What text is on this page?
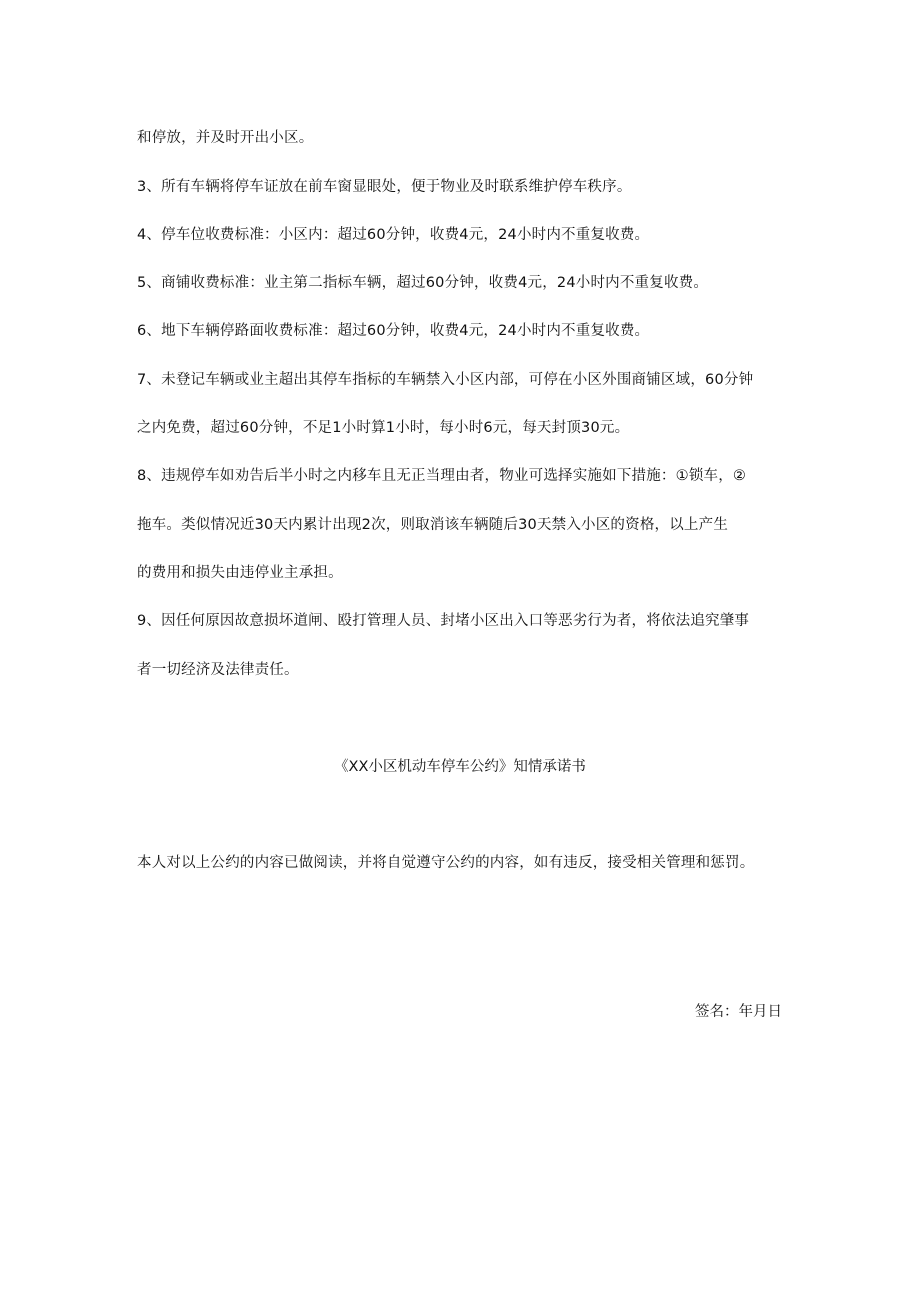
和停放，并及时开出小区。
3、所有车辆将停车证放在前车窗显眼处，便于物业及时联系维护停车秩序。
4、停车位收费标准：小区内：超过60分钟，收费4元，24小时内不重复收费。
5、商铺收费标准：业主第二指标车辆，超过60分钟，收费4元，24小时内不重复收费。
6、地下车辆停路面收费标准：超过60分钟，收费4元，24小时内不重复收费。
7、未登记车辆或业主超出其停车指标的车辆禁入小区内部，可停在小区外围商铺区域，60分钟
之内免费，超过60分钟，不足1小时算1小时，每小时6元，每天封顶30元。
8、违规停车如劝告后半小时之内移车且无正当理由者，物业可选择实施如下措施：①锁车，②
拖车。类似情况近30天内累计出现2次，则取消该车辆随后30天禁入小区的资格，以上产生
的费用和损失由违停业主承担。
9、因任何原因故意损坏道闸、殴打管理人员、封堵小区出入口等恶劣行为者，将依法追究肇事
者一切经济及法律责任。
《XX小区机动车停车公约》知情承诺书
本人对以上公约的内容已做阅读，并将自觉遵守公约的内容，如有违反，接受相关管理和惩罚。
签名：年月日
